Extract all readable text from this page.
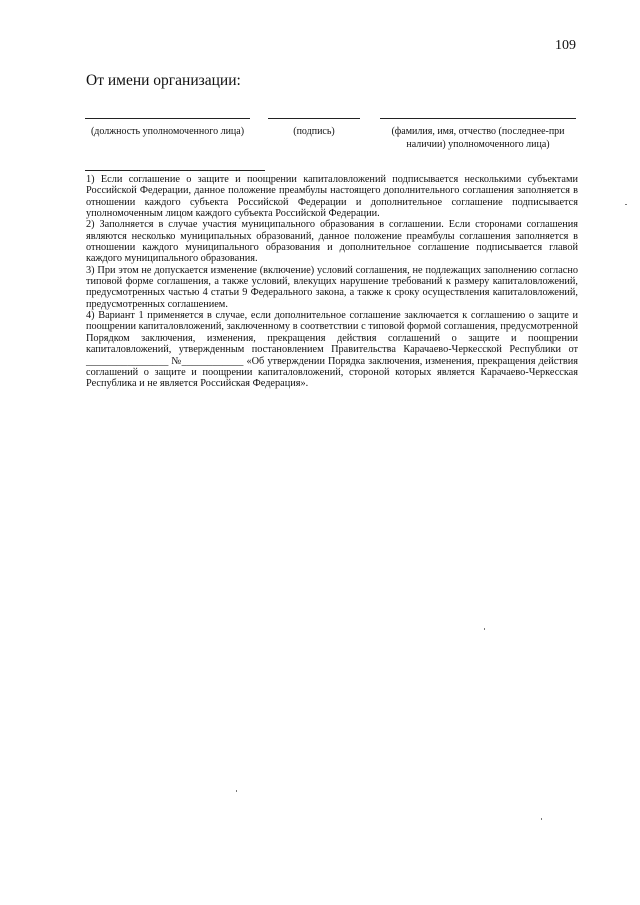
109
От имени организации:
(должность уполномоченного лица)	(подпись)	(фамилия, имя, отчество (последнее-при наличии) уполномоченного лица)

1) Если соглашение о защите и поощрении капиталовложений подписывается несколькими субъектами Российской Федерации, данное положение преамбулы настоящего дополнительного соглашения заполняется в отношении каждого субъекта Российской Федерации и дополнительное соглашение подписывается уполномоченным лицом каждого субъекта Российской Федерации.

2) Заполняется в случае участия муниципального образования в соглашении. Если сторонами соглашения являются несколько муниципальных образований, данное положение преамбулы соглашения заполняется в отношении каждого муниципального образования и дополнительное соглашение подписывается главой каждого муниципального образования.

3) При этом не допускается изменение (включение) условий соглашения, не подлежащих заполнению согласно типовой форме соглашения, а также условий, влекущих нарушение требований к размеру капиталовложений, предусмотренных частью 4 статьи 9 Федерального закона, а также к сроку осуществления капиталовложений, предусмотренных соглашением.

4) Вариант 1 применяется в случае, если дополнительное соглашение заключается к соглашению о защите и поощрении капиталовложений, заключенному в соответствии с типовой формой соглашения, предусмотренной Порядком заключения, изменения, прекращения действия соглашений о защите и поощрении капиталовложений, утвержденным постановлением Правительства Карачаево-Черкесской Республики от ________________ №____________ «Об утверждении Порядка заключения, изменения, прекращения действия соглашений о защите и поощрении капиталовложений, стороной которых является Карачаево-Черкесская Республика и не является Российская Федерация».
